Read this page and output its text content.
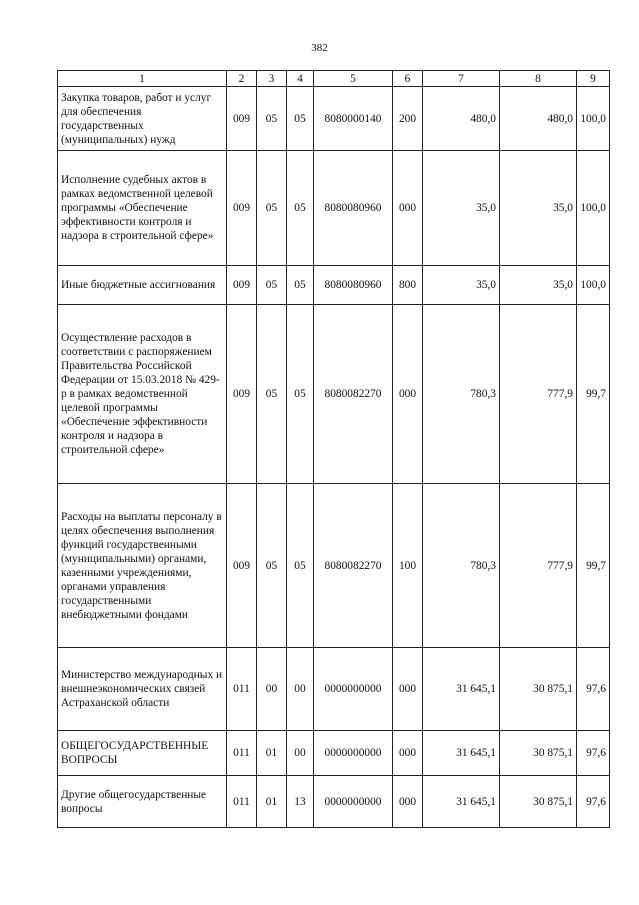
382
1	2	3	4	5	6	7	8	9
Закупка товаров, работ и услуг для обеспечения государственных (муниципальных) нужд	009	05	05	8080000140	200	480,0	480,0	100,0
Исполнение судебных актов в рамках ведомственной целевой программы «Обеспечение эффективности контроля и надзора в строительной сфере»	009	05	05	8080080960	000	35,0	35,0	100,0
Иные бюджетные ассигнования	009	05	05	8080080960	800	35,0	35,0	100,0
Осуществление расходов в соответствии с распоряжением Правительства Российской Федерации от 15.03.2018 № 429-р в рамках ведомственной целевой программы «Обеспечение эффективности контроля и надзора в строительной сфере»	009	05	05	8080082270	000	780,3	777,9	99,7
Расходы на выплаты персоналу в целях обеспечения выполнения функций государственными (муниципальными) органами, казенными учреждениями, органами управления государственными внебюджетными фондами	009	05	05	8080082270	100	780,3	777,9	99,7
Министерство международных и внешнеэкономических связей Астраханской области	011	00	00	0000000000	000	31 645,1	30 875,1	97,6
ОБЩЕГОСУДАРСТВЕННЫЕ ВОПРОСЫ	011	01	00	0000000000	000	31 645,1	30 875,1	97,6
Другие общегосударственные вопросы	011	01	13	0000000000	000	31 645,1	30 875,1	97,6
